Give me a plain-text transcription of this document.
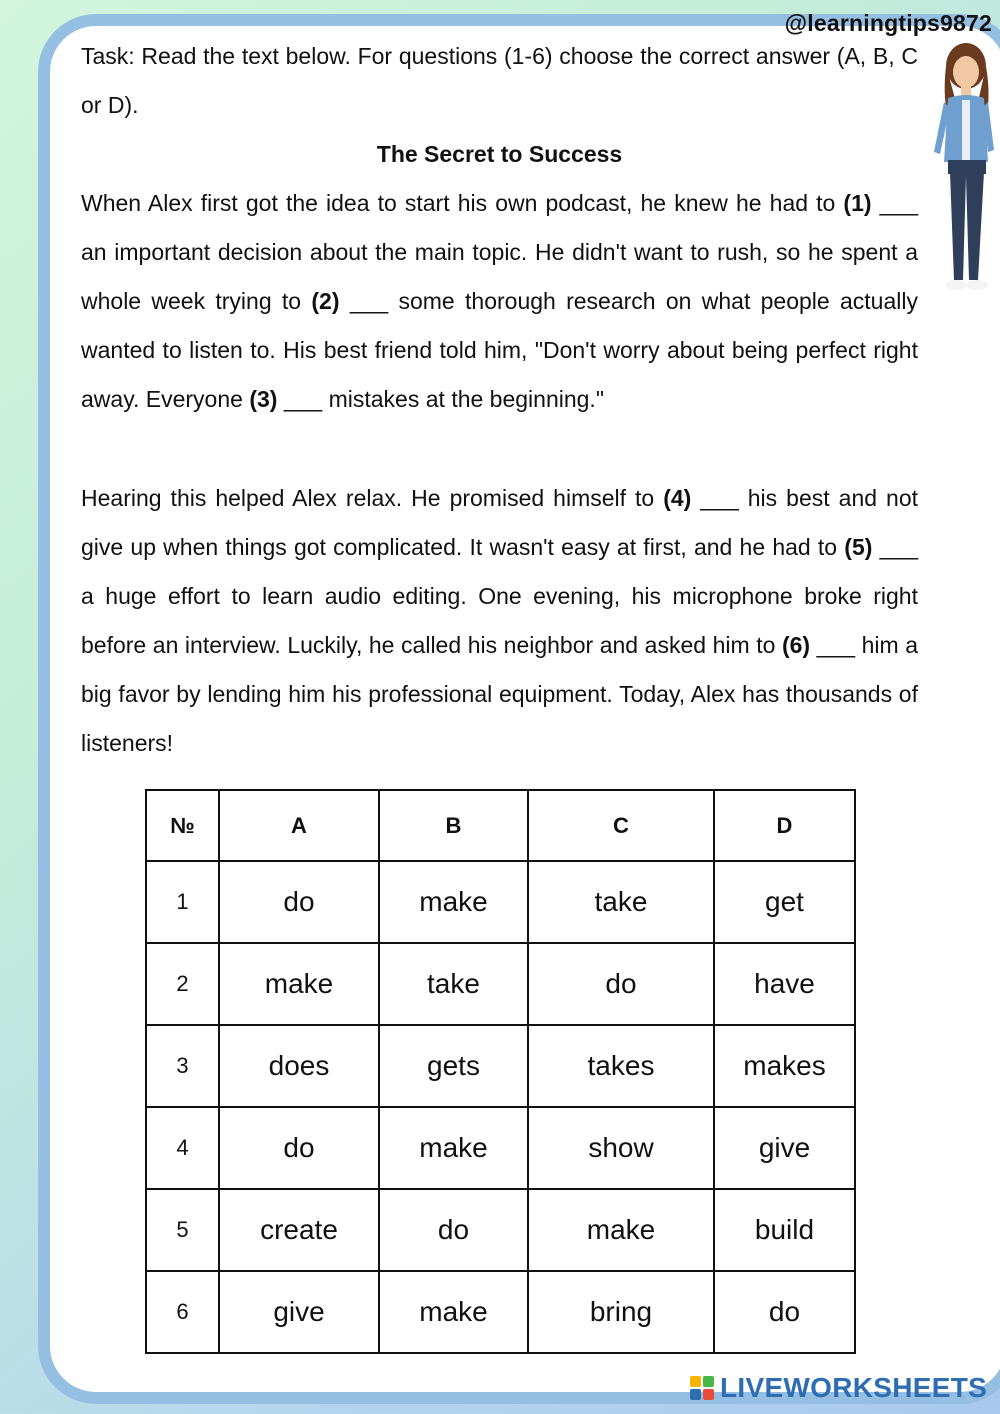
@learningtips9872

Task: Read the text below. For questions (1-6) choose the correct answer (A, B, C or D).

The Secret to Success

When Alex first got the idea to start his own podcast, he knew he had to (1) ___ an important decision about the main topic. He didn't want to rush, so he spent a whole week trying to (2) ___ some thorough research on what people actually wanted to listen to. His best friend told him, "Don't worry about being perfect right away. Everyone (3) ___ mistakes at the beginning."

Hearing this helped Alex relax. He promised himself to (4) ___ his best and not give up when things got complicated. It wasn't easy at first, and he had to (5) ___ a huge effort to learn audio editing. One evening, his microphone broke right before an interview. Luckily, he called his neighbor and asked him to (6) ___ him a big favor by lending him his professional equipment. Today, Alex has thousands of listeners!

№	A	B	C	D
1	do	make	take	get
2	make	take	do	have
3	does	gets	takes	makes
4	do	make	show	give
5	create	do	make	build
6	give	make	bring	do
LIVEWORKSHEETS
